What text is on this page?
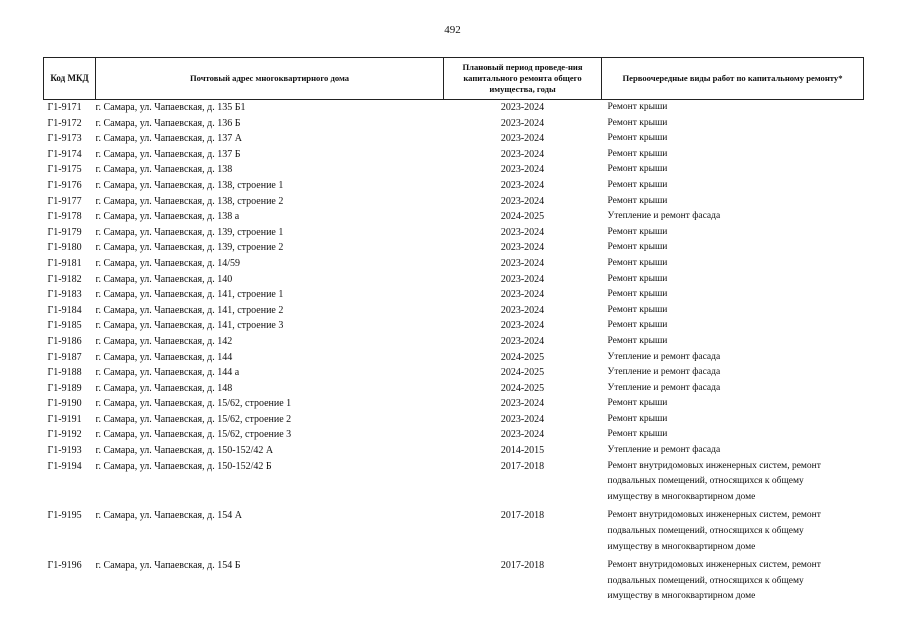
492
Код МКД	Почтовый адрес многоквартирного дома	Плановый период проведе-ния капитального ремонта общего имущества, годы	Первоочередные виды работ по капитальному ремонту*
Г1-9171	г. Самара, ул. Чапаевская, д. 135 Б1	2023-2024	Ремонт крыши
Г1-9172	г. Самара, ул. Чапаевская, д. 136 Б	2023-2024	Ремонт крыши
Г1-9173	г. Самара, ул. Чапаевская, д. 137 А	2023-2024	Ремонт крыши
Г1-9174	г. Самара, ул. Чапаевская, д. 137 Б	2023-2024	Ремонт крыши
Г1-9175	г. Самара, ул. Чапаевская, д. 138	2023-2024	Ремонт крыши
Г1-9176	г. Самара, ул. Чапаевская, д. 138, строение 1	2023-2024	Ремонт крыши
Г1-9177	г. Самара, ул. Чапаевская, д. 138, строение 2	2023-2024	Ремонт крыши
Г1-9178	г. Самара, ул. Чапаевская, д. 138 а	2024-2025	Утепление и ремонт фасада
Г1-9179	г. Самара, ул. Чапаевская, д. 139, строение 1	2023-2024	Ремонт крыши
Г1-9180	г. Самара, ул. Чапаевская, д. 139, строение 2	2023-2024	Ремонт крыши
Г1-9181	г. Самара, ул. Чапаевская, д. 14/59	2023-2024	Ремонт крыши
Г1-9182	г. Самара, ул. Чапаевская, д. 140	2023-2024	Ремонт крыши
Г1-9183	г. Самара, ул. Чапаевская, д. 141, строение 1	2023-2024	Ремонт крыши
Г1-9184	г. Самара, ул. Чапаевская, д. 141, строение 2	2023-2024	Ремонт крыши
Г1-9185	г. Самара, ул. Чапаевская, д. 141, строение 3	2023-2024	Ремонт крыши
Г1-9186	г. Самара, ул. Чапаевская, д. 142	2023-2024	Ремонт крыши
Г1-9187	г. Самара, ул. Чапаевская, д. 144	2024-2025	Утепление и ремонт фасада
Г1-9188	г. Самара, ул. Чапаевская, д. 144 а	2024-2025	Утепление и ремонт фасада
Г1-9189	г. Самара, ул. Чапаевская, д. 148	2024-2025	Утепление и ремонт фасада
Г1-9190	г. Самара, ул. Чапаевская, д. 15/62, строение 1	2023-2024	Ремонт крыши
Г1-9191	г. Самара, ул. Чапаевская, д. 15/62, строение 2	2023-2024	Ремонт крыши
Г1-9192	г. Самара, ул. Чапаевская, д. 15/62, строение 3	2023-2024	Ремонт крыши
Г1-9193	г. Самара, ул. Чапаевская, д. 150-152/42 А	2014-2015	Утепление и ремонт фасада
Г1-9194	г. Самара, ул. Чапаевская, д. 150-152/42 Б	2017-2018	Ремонт внутридомовых инженерных систем, ремонт подвальных помещений, относящихся к общему имуществу в многоквартирном доме
Г1-9195	г. Самара, ул. Чапаевская, д. 154 А	2017-2018	Ремонт внутридомовых инженерных систем, ремонт подвальных помещений, относящихся к общему имуществу в многоквартирном доме
Г1-9196	г. Самара, ул. Чапаевская, д. 154 Б	2017-2018	Ремонт внутридомовых инженерных систем, ремонт подвальных помещений, относящихся к общему имуществу в многоквартирном доме
